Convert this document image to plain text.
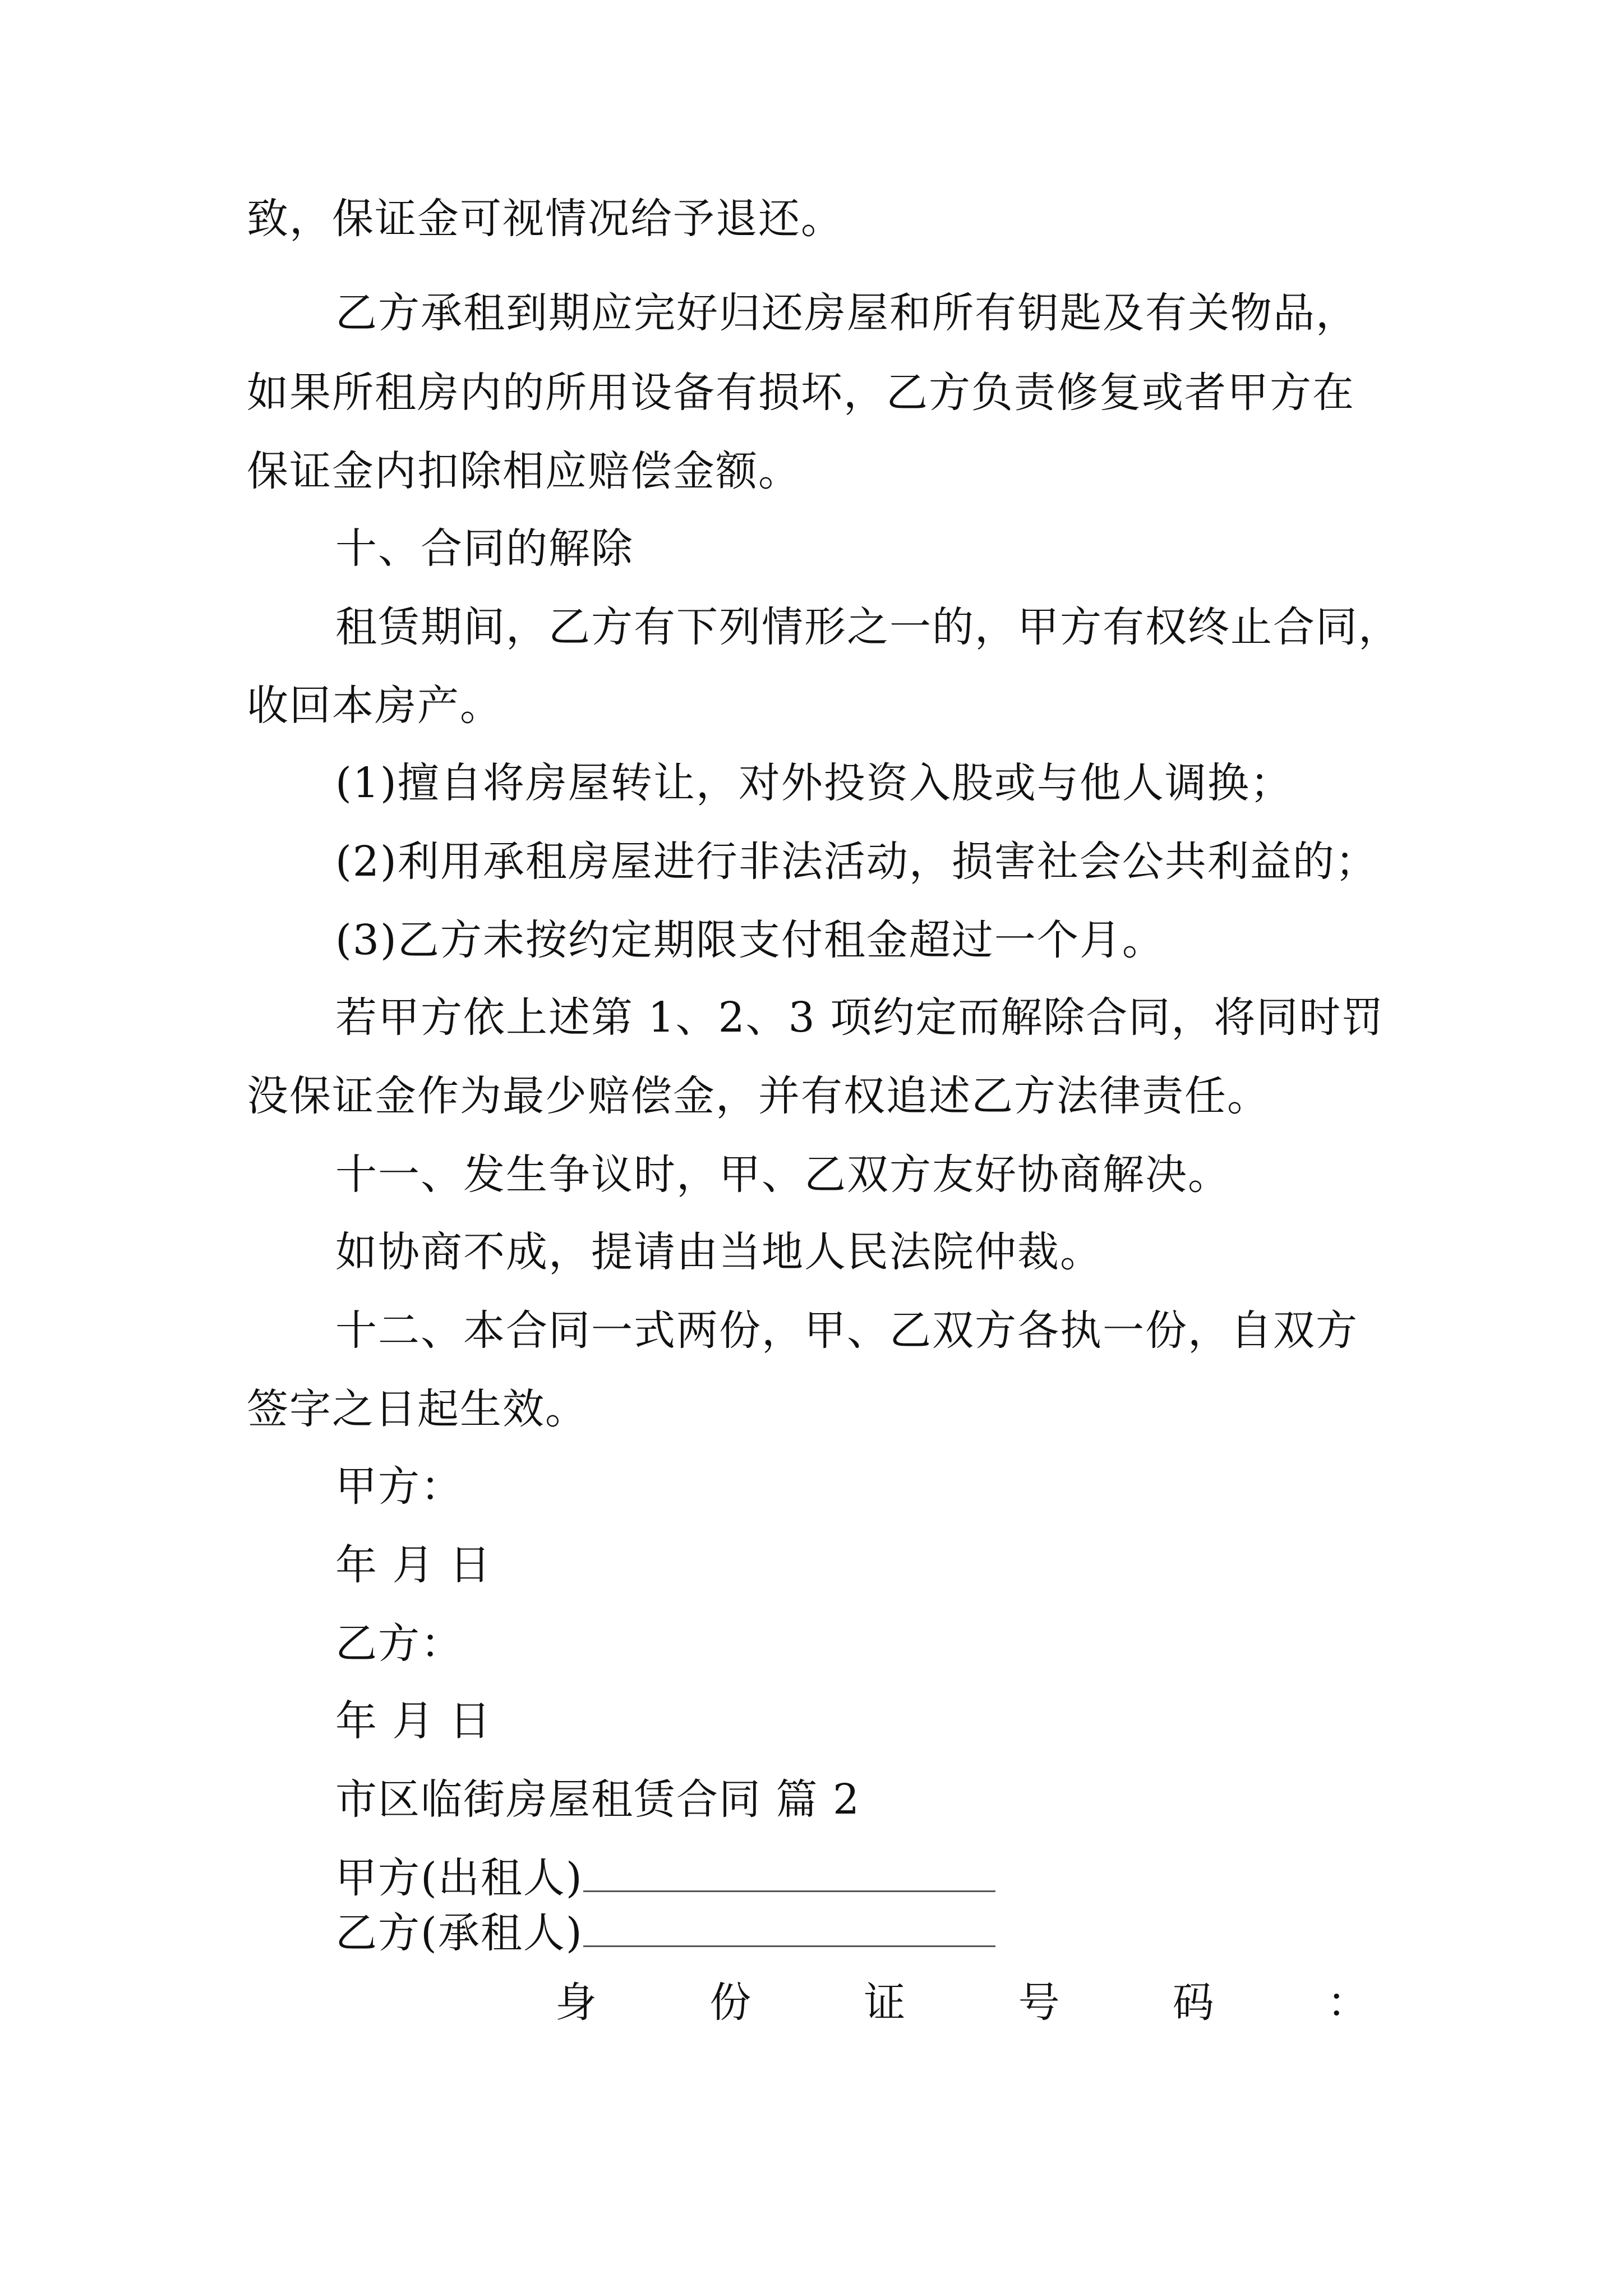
致，保证金可视情况给予退还。
乙方承租到期应完好归还房屋和所有钥匙及有关物品，
如果所租房内的所用设备有损坏，乙方负责修复或者甲方在
保证金内扣除相应赔偿金额。
十、合同的解除
租赁期间，乙方有下列情形之一的，甲方有权终止合同，
收回本房产。
(1)擅自将房屋转让，对外投资入股或与他人调换；
(2)利用承租房屋进行非法活动，损害社会公共利益的；
(3)乙方未按约定期限支付租金超过一个月。
若甲方依上述第 1、2、3 项约定而解除合同，将同时罚
没保证金作为最少赔偿金，并有权追述乙方法律责任。
十一、发生争议时，甲、乙双方友好协商解决。
如协商不成，提请由当地人民法院仲裁。
十二、本合同一式两份，甲、乙双方各执一份，自双方
签字之日起生效。
甲方：
年 月 日
乙方：
年 月 日
市区临街房屋租赁合同 篇 2
甲方(出租人)
乙方(承租人)
身	份	证	号	码	：
